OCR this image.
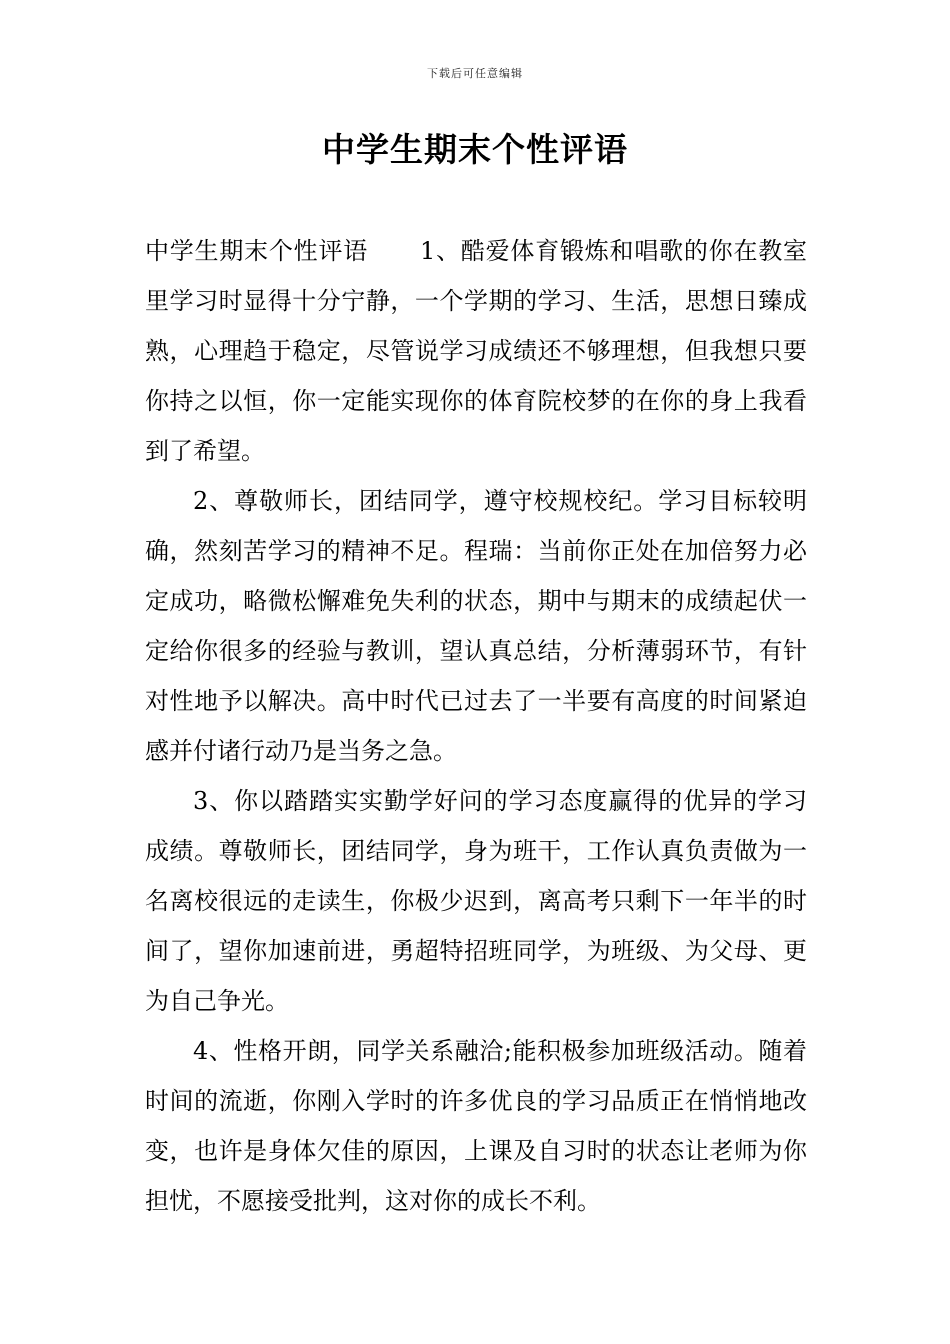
下载后可任意编辑
中学生期末个性评语

中学生期末个性评语 1、酷爱体育锻炼和唱歌的你在教室里学习时显得十分宁静，一个学期的学习、生活，思想日臻成熟，心理趋于稳定，尽管说学习成绩还不够理想，但我想只要你持之以恒，你一定能实现你的体育院校梦的在你的身上我看到了希望。

2、尊敬师长，团结同学，遵守校规校纪。学习目标较明确，然刻苦学习的精神不足。程瑞：当前你正处在加倍努力必定成功，略微松懈难免失利的状态，期中与期末的成绩起伏一定给你很多的经验与教训，望认真总结，分析薄弱环节，有针对性地予以解决。高中时代已过去了一半要有高度的时间紧迫感并付诸行动乃是当务之急。

3、你以踏踏实实勤学好问的学习态度赢得的优异的学习成绩。尊敬师长，团结同学，身为班干，工作认真负责做为一名离校很远的走读生，你极少迟到，离高考只剩下一年半的时间了，望你加速前进，勇超特招班同学，为班级、为父母、更为自己争光。

4、性格开朗，同学关系融洽;能积极参加班级活动。随着时间的流逝，你刚入学时的许多优良的学习品质正在悄悄地改变，也许是身体欠佳的原因，上课及自习时的状态让老师为你担忧，不愿接受批判，这对你的成长不利。
